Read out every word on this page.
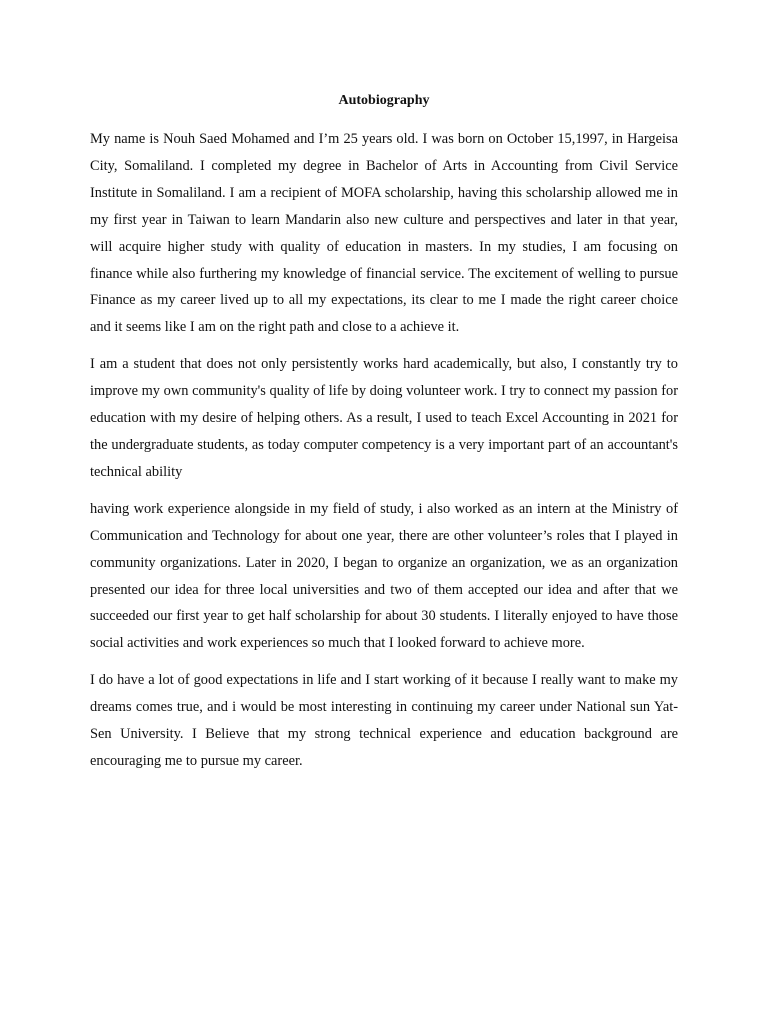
Autobiography

My name is Nouh Saed Mohamed and I’m 25 years old. I was born on October 15,1997, in Hargeisa City, Somaliland. I completed my degree in Bachelor of Arts in Accounting from Civil Service Institute in Somaliland. I am a recipient of MOFA scholarship, having this scholarship allowed me in my first year in Taiwan to learn Mandarin also new culture and perspectives and later in that year, will acquire higher study with quality of education in masters. In my studies, I am focusing on finance while also furthering my knowledge of financial service. The excitement of welling to pursue Finance as my career lived up to all my expectations, its clear to me I made the right career choice and it seems like I am on the right path and close to a achieve it.

I am a student that does not only persistently works hard academically, but also, I constantly try to improve my own community's quality of life by doing volunteer work. I try to connect my passion for education with my desire of helping others. As a result, I used to teach Excel Accounting in 2021 for the undergraduate students, as today computer competency is a very important part of an accountant's technical ability

having work experience alongside in my field of study, i also worked as an intern at the Ministry of Communication and Technology for about one year, there are other volunteer’s roles that I played in community organizations. Later in 2020, I began to organize an organization, we as an organization presented our idea for three local universities and two of them accepted our idea and after that we succeeded our first year to get half scholarship for about 30 students. I literally enjoyed to have those social activities and work experiences so much that I looked forward to achieve more.

I do have a lot of good expectations in life and I start working of it because I really want to make my dreams comes true, and i would be most interesting in continuing my career under National sun Yat-Sen University. I Believe that my strong technical experience and education background are encouraging me to pursue my career.
